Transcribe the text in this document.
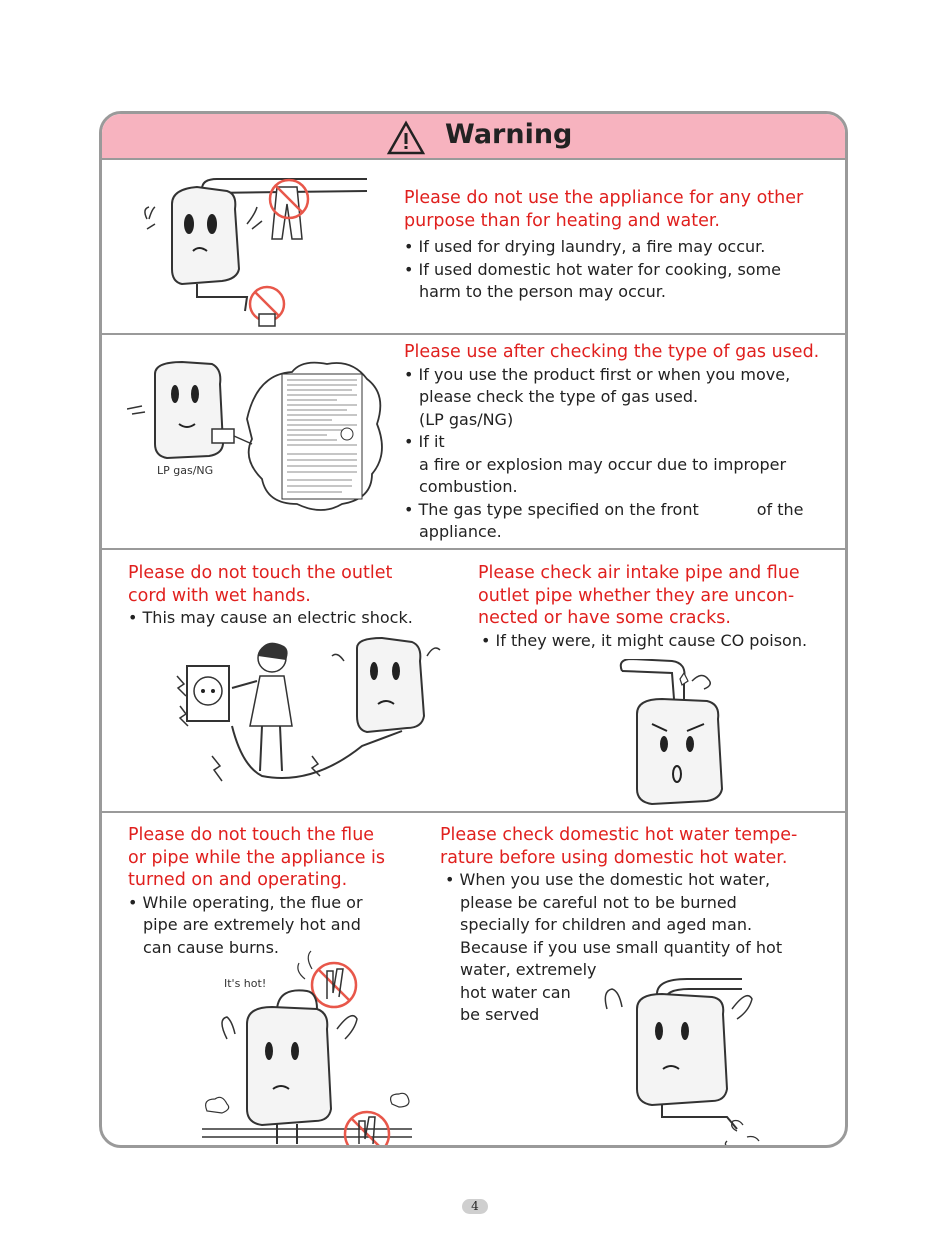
Warning

Please do not use the appliance for any other

purpose than for heating and water.

• If used for drying laundry, a fire may occur.

• If used domestic hot water for cooking, some

harm to the person may occur.

LP gas/NG

Please use after checking the type of gas used.

• If you use the product first or when you move,

please check the type of gas used.

(LP gas/NG)

• If it

a fire or explosion may occur due to improper

combustion.

• The gas type specified on the front	of the

appliance.

Please do not touch the outlet

cord with wet hands.

• This may cause an electric shock.

Please check air intake pipe and flue

outlet pipe whether they are uncon-

nected or have some cracks.

• If they were, it might cause CO poison.

Please do not touch the flue

or pipe while the appliance is

turned on and operating.

• While operating, the flue or

pipe are extremely hot and

can cause burns.

It's hot!

Please check domestic hot water tempe-

rature before using domestic hot water.

• When you use the domestic hot water,

please be careful not to be burned

specially for children and aged man.

Because if you use small quantity of hot

water, extremely

hot water can

be served

4
